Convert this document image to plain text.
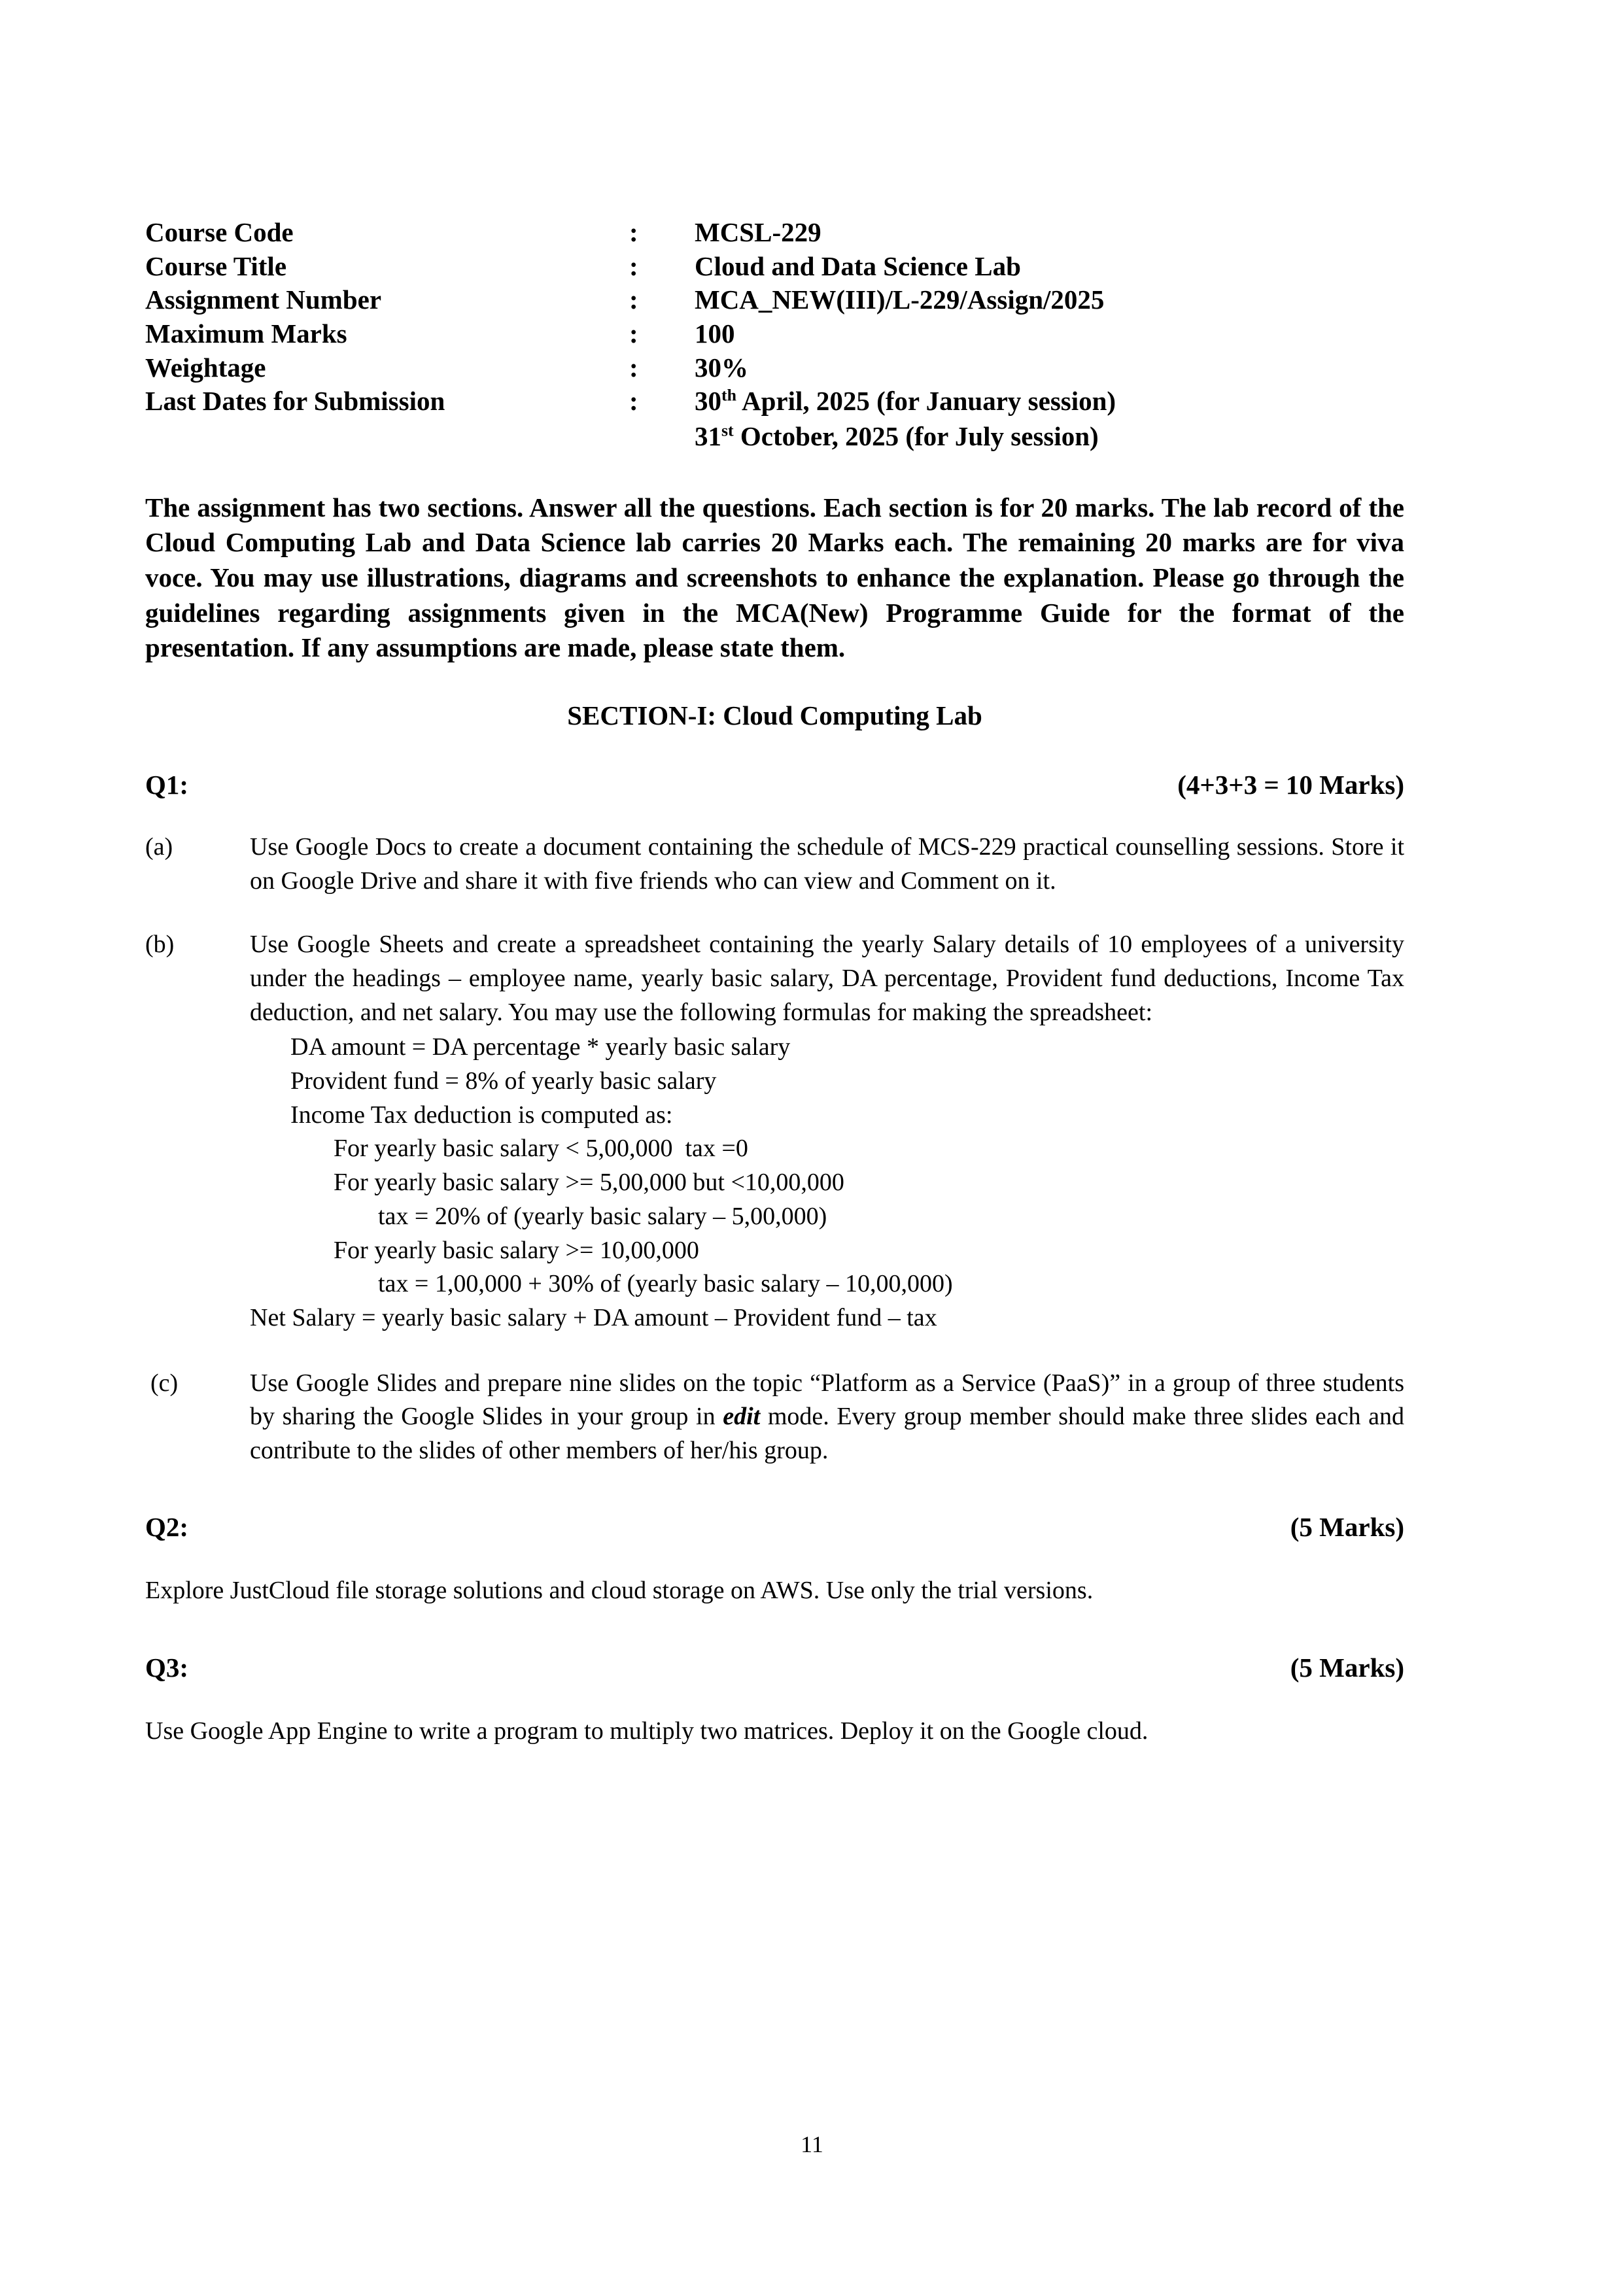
Course Code	:	MCSL-229
Course Title	:	Cloud and Data Science Lab
Assignment Number	:	MCA_NEW(III)/L-229/Assign/2025
Maximum Marks	:	100
Weightage	:	30%
Last Dates for Submission	:	30th April, 2025 (for January session)
		31st October, 2025 (for July session)

The assignment has two sections. Answer all the questions. Each section is for 20 marks. The lab record of the Cloud Computing Lab and Data Science lab carries 20 Marks each. The remaining 20 marks are for viva voce. You may use illustrations, diagrams and screenshots to enhance the explanation. Please go through the guidelines regarding assignments given in the MCA(New) Programme Guide for the format of the presentation. If any assumptions are made, please state them.

SECTION-I: Cloud Computing Lab
Q1:	(4+3+3 = 10 Marks)
(a)	Use Google Docs to create a document containing the schedule of MCS-229 practical counselling sessions. Store it on Google Drive and share it with five friends who can view and Comment on it.

(b)	Use Google Sheets and create a spreadsheet containing the yearly Salary details of 10 employees of a university under the headings – employee name, yearly basic salary, DA percentage, Provident fund deductions, Income Tax deduction, and net salary. You may use the following formulas for making the spreadsheet:

DA amount = DA percentage * yearly basic salary
Provident fund = 8% of yearly basic salary
Income Tax deduction is computed as:
For yearly basic salary < 5,00,000  tax =0
For yearly basic salary >= 5,00,000 but <10,00,000
tax = 20% of (yearly basic salary – 5,00,000)
For yearly basic salary >= 10,00,000
tax = 1,00,000 + 30% of (yearly basic salary – 10,00,000)
Net Salary = yearly basic salary + DA amount – Provident fund – tax
(c)	Use Google Slides and prepare nine slides on the topic “Platform as a Service (PaaS)” in a group of three students by sharing the Google Slides in your group in edit mode. Every group member should make three slides each and contribute to the slides of other members of her/his group.

Q2:	(5 Marks)

Explore JustCloud file storage solutions and cloud storage on AWS. Use only the trial versions.

Q3:	(5 Marks)

Use Google App Engine to write a program to multiply two matrices. Deploy it on the Google cloud.

11
